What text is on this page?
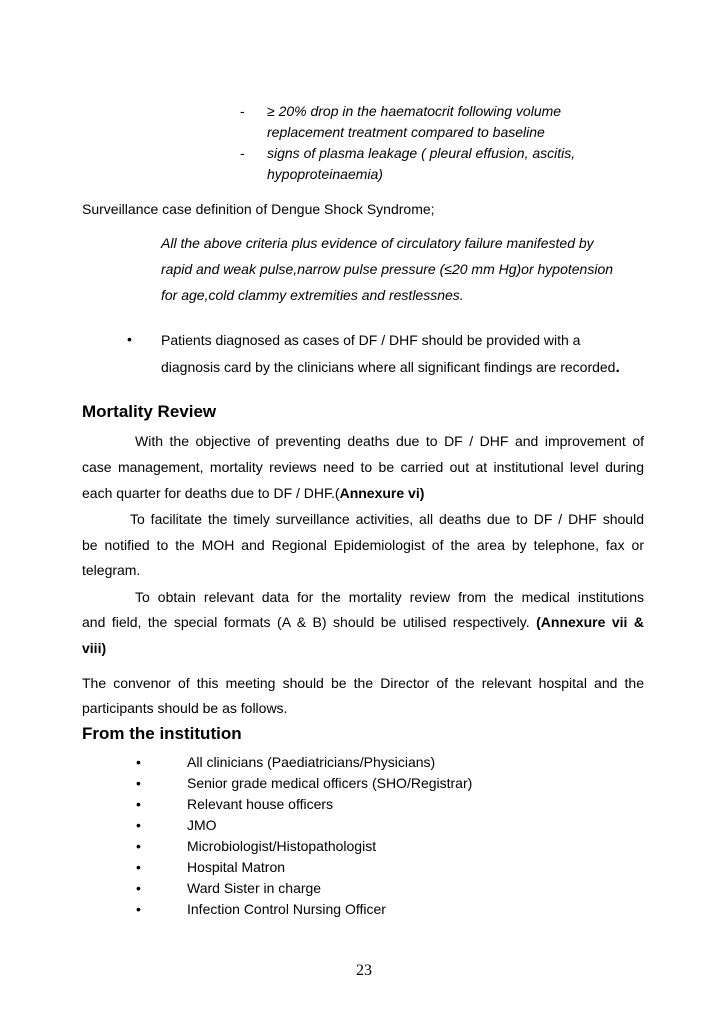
- ≥ 20% drop in the haematocrit following volume
replacement treatment compared to baseline
- signs of plasma leakage ( pleural effusion, ascitis,
hypoproteinaemia)
Surveillance case definition of Dengue Shock Syndrome;
All the above criteria plus evidence of circulatory failure manifested by
rapid and weak pulse,narrow pulse pressure (≤20 mm Hg)or hypotension
for age,cold clammy extremities and restlessnes.
• Patients diagnosed as cases of DF / DHF should be provided with a
diagnosis card by the clinicians where all significant findings are recorded.
Mortality Review
With the objective of preventing deaths due to DF / DHF and improvement of
case management, mortality reviews need to be carried out at institutional level during
each quarter for deaths due to DF / DHF.(Annexure vi)
To facilitate the timely surveillance activities, all deaths due to DF / DHF should
be notified to the MOH and Regional Epidemiologist of the area by telephone, fax or
telegram.
To obtain relevant data for the mortality review from the medical institutions
and field, the special formats (A & B) should be utilised respectively. (Annexure vii &
viii)
The convenor of this meeting should be the Director of the relevant hospital and the
participants should be as follows.
From the institution
•	All clinicians (Paediatricians/Physicians)
•	Senior grade medical officers (SHO/Registrar)
•	Relevant house officers
•	JMO
•	Microbiologist/Histopathologist
•	Hospital Matron
•	Ward Sister in charge
•	Infection Control Nursing Officer
23
